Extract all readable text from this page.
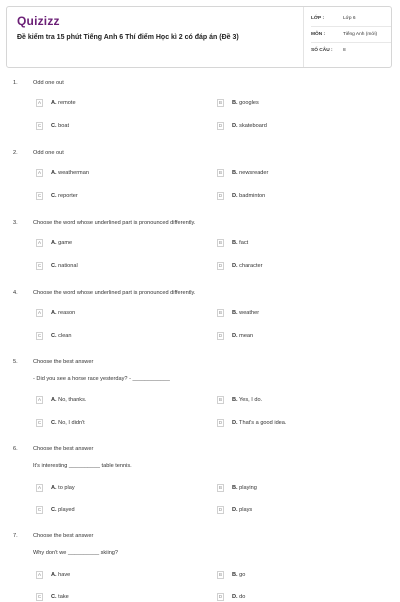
Quizizz
Đề kiểm tra 15 phút Tiếng Anh 6 Thí điểm Học kì 2 có đáp án (Đề 3)
LỚP :	Lớp 6
MÔN :	Tiếng Anh (mới)
SỐ CÂU : 8
1.	Odd one out
A	A. remote	B	B. googles
C	C. boat	D	D. skateboard
2.	Odd one out
A	A. weatherman	B	B. newsreader
C	C. reporter	D	D. badminton
3.	Choose the word whose underlined part is pronounced differently.
A	A. game	B	B. fact
C	C. national	D	D. character
4.	Choose the word whose underlined part is pronounced differently.
A	A. reason	B	B. weather
C	C. clean	D	D. mean
5.	Choose the best answer
- Did you see a horse race yesterday? - ____________
A	A. No, thanks.	B	B. Yes, I do.
C	C. No, I didn't	D	D. That's a good idea.
6.	Choose the best answer
It's interesting __________ table tennis.
A	A. to play	B	B. playing
C	C. played	D	D. plays
7.	Choose the best answer
Why don't we __________ skiing?
A	A. have	B	B. go
C	C. take	D	D. do
